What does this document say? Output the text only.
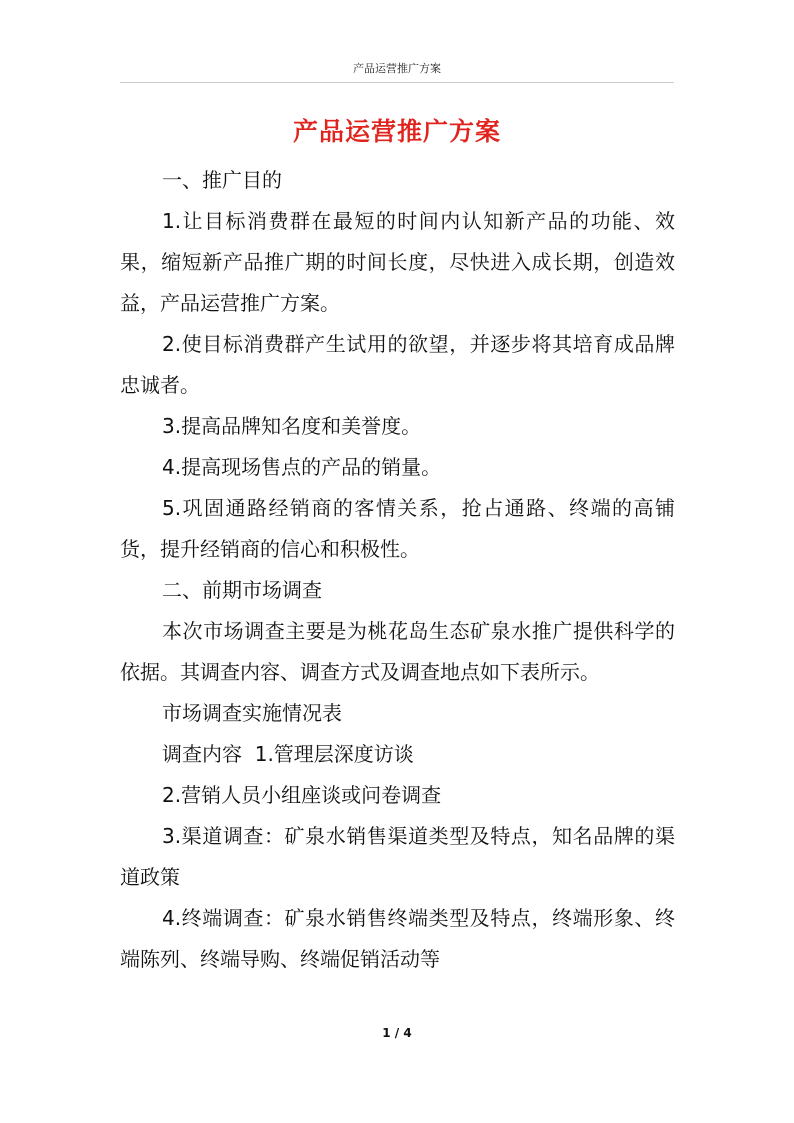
产品运营推广方案
产品运营推广方案

一、推广目的

1.让目标消费群在最短的时间内认知新产品的功能、效果，缩短新产品推广期的时间长度，尽快进入成长期，创造效益，产品运营推广方案。

2.使目标消费群产生试用的欲望，并逐步将其培育成品牌忠诚者。

3.提高品牌知名度和美誉度。

4.提高现场售点的产品的销量。

5.巩固通路经销商的客情关系，抢占通路、终端的高铺货，提升经销商的信心和积极性。

二、前期市场调查

本次市场调查主要是为桃花岛生态矿泉水推广提供科学的依据。其调查内容、调查方式及调查地点如下表所示。

市场调查实施情况表

调查内容  1.管理层深度访谈

2.营销人员小组座谈或问卷调查

3.渠道调查：矿泉水销售渠道类型及特点，知名品牌的渠道政策

4.终端调查：矿泉水销售终端类型及特点，终端形象、终端陈列、终端导购、终端促销活动等

1 / 4
